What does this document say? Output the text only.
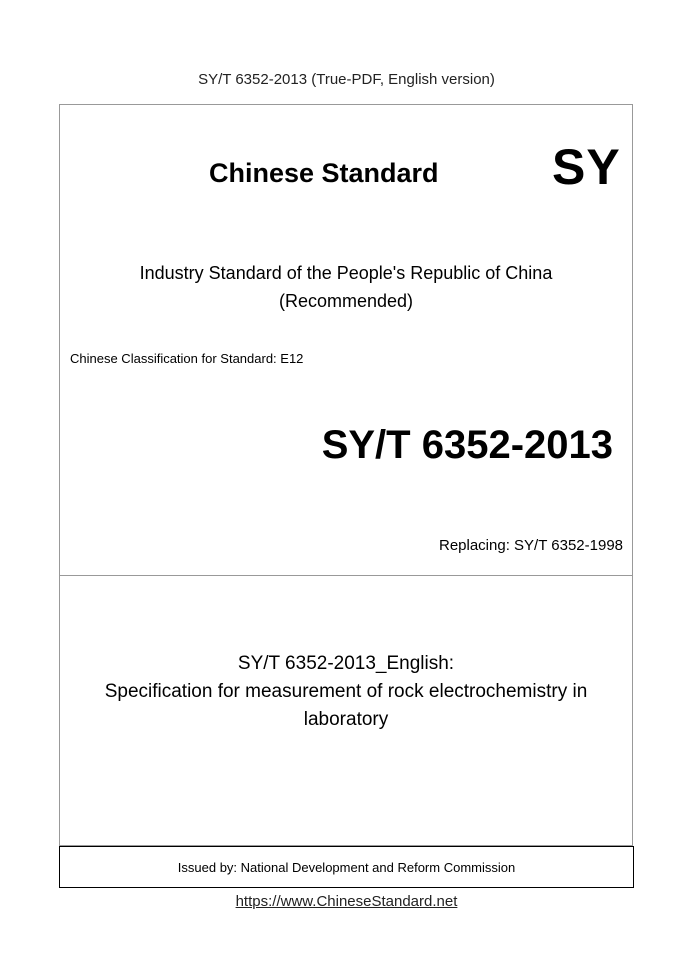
SY/T 6352-2013 (True-PDF, English version)
Chinese Standard SY
Industry Standard of the People's Republic of China
(Recommended)
Chinese Classification for Standard: E12
SY/T 6352-2013
Replacing: SY/T 6352-1998
SY/T 6352-2013_English:
Specification for measurement of rock electrochemistry in
laboratory
Issued by: National Development and Reform Commission
https://www.ChineseStandard.net
